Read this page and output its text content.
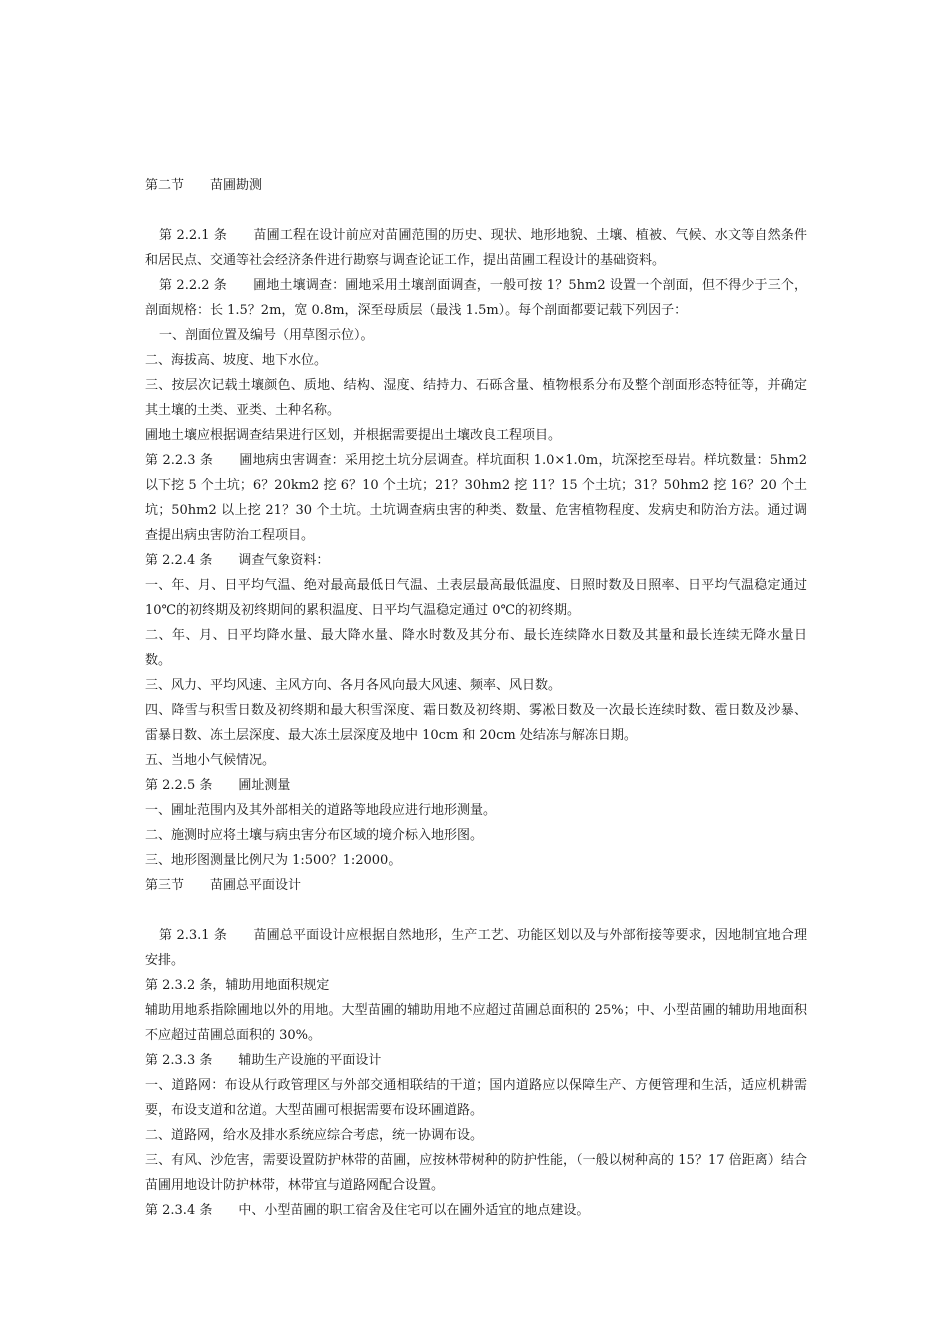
第二节　　苗圃勘测

第 2.2.1 条　　苗圃工程在设计前应对苗圃范围的历史、现状、地形地貌、土壤、植被、气候、水文等自然条件和居民点、交通等社会经济条件进行勘察与调查论证工作，提出苗圃工程设计的基础资料。

第 2.2.2 条　　圃地土壤调查：圃地采用土壤剖面调查，一般可按 1？5hm2 设置一个剖面，但不得少于三个，剖面规格：长 1.5？2m，宽 0.8m，深至母质层（最浅 1.5m）。每个剖面都要记载下列因子：

一、剖面位置及编号（用草图示位）。

二、海拔高、坡度、地下水位。

三、按层次记载土壤颜色、质地、结构、湿度、结持力、石砾含量、植物根系分布及整个剖面形态特征等，并确定其土壤的土类、亚类、土种名称。

圃地土壤应根据调查结果进行区划，并根据需要提出土壤改良工程项目。

第 2.2.3 条　　圃地病虫害调查：采用挖土坑分层调查。样坑面积 1.0×1.0m，坑深挖至母岩。样坑数量：5hm2 以下挖 5 个土坑；6？20km2 挖 6？10 个土坑；21？30hm2 挖 11？15 个土坑；31？50hm2 挖 16？20 个土坑；50hm2 以上挖 21？30 个土坑。土坑调查病虫害的种类、数量、危害植物程度、发病史和防治方法。通过调查提出病虫害防治工程项目。

第 2.2.4 条　　调查气象资料：

一、年、月、日平均气温、绝对最高最低日气温、土表层最高最低温度、日照时数及日照率、日平均气温稳定通过 10℃的初终期及初终期间的累积温度、日平均气温稳定通过 0℃的初终期。

二、年、月、日平均降水量、最大降水量、降水时数及其分布、最长连续降水日数及其量和最长连续无降水量日数。

三、风力、平均风速、主风方向、各月各风向最大风速、频率、风日数。

四、降雪与积雪日数及初终期和最大积雪深度、霜日数及初终期、雾凇日数及一次最长连续时数、雹日数及沙暴、雷暴日数、冻土层深度、最大冻土层深度及地中 10cm 和 20cm 处结冻与解冻日期。

五、当地小气候情况。

第 2.2.5 条　　圃址测量

一、圃址范围内及其外部相关的道路等地段应进行地形测量。

二、施测时应将土壤与病虫害分布区域的境介标入地形图。

三、地形图测量比例尺为 1:500？1:2000。

第三节　　苗圃总平面设计

第 2.3.1 条　　苗圃总平面设计应根据自然地形，生产工艺、功能区划以及与外部衔接等要求，因地制宜地合理安排。

第 2.3.2 条，辅助用地面积规定

辅助用地系指除圃地以外的用地。大型苗圃的辅助用地不应超过苗圃总面积的 25%；中、小型苗圃的辅助用地面积不应超过苗圃总面积的 30%。

第 2.3.3 条　　辅助生产设施的平面设计

一、道路网：布设从行政管理区与外部交通相联结的干道；国内道路应以保障生产、方便管理和生活，适应机耕需要，布设支道和岔道。大型苗圃可根据需要布设环圃道路。

二、道路网，给水及排水系统应综合考虑，统一协调布设。

三、有风、沙危害，需要设置防护林带的苗圃，应按林带树种的防护性能，（一般以树种高的 15？17 倍距离）结合苗圃用地设计防护林带，林带宜与道路网配合设置。

第 2.3.4 条　　中、小型苗圃的职工宿舍及住宅可以在圃外适宜的地点建设。
